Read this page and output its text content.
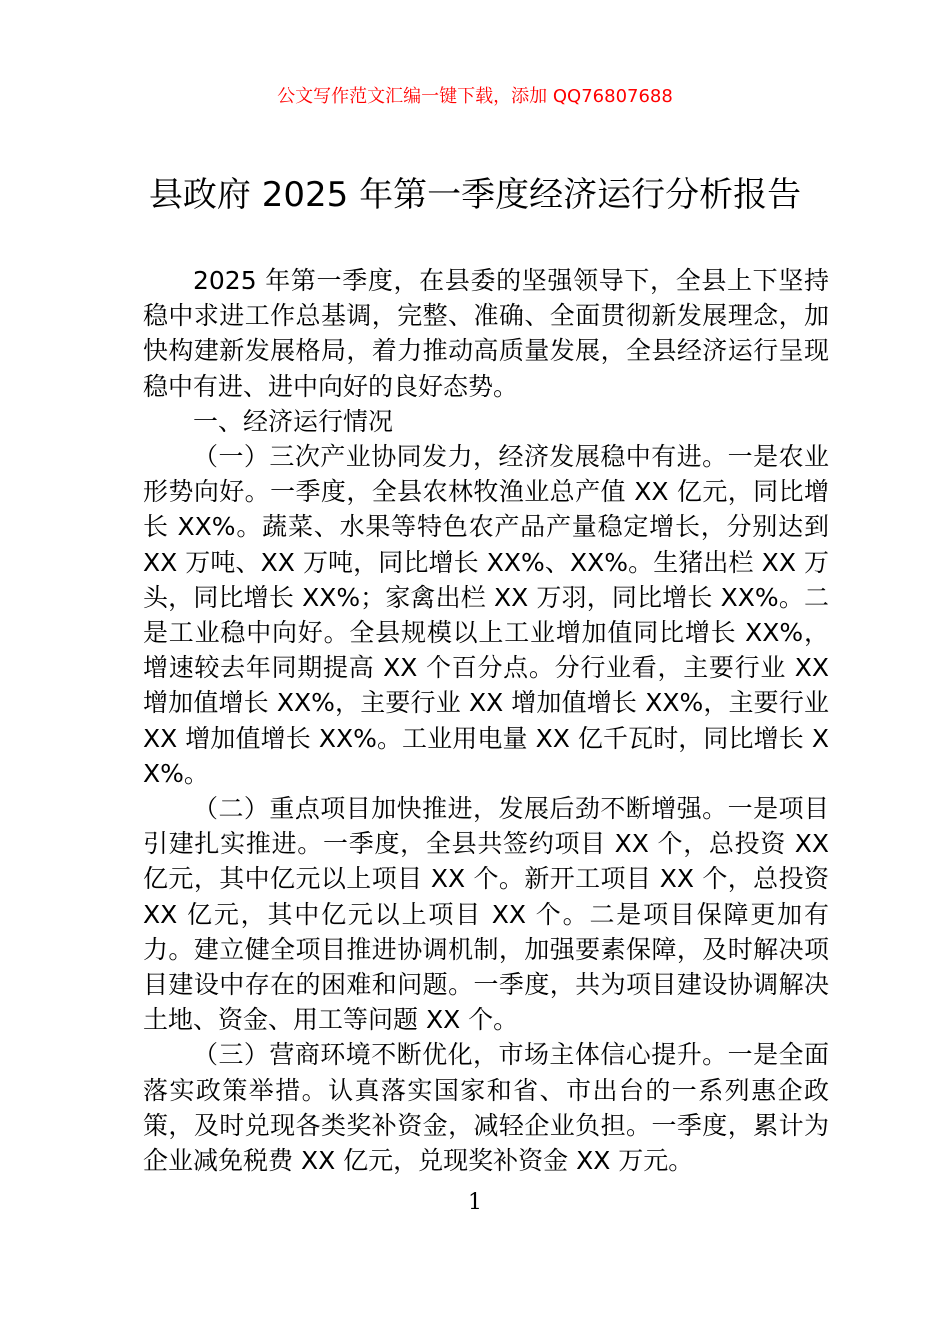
公文写作范文汇编一键下载，添加 QQ76807688
县政府 2025 年第一季度经济运行分析报告

2025 年第一季度，在县委的坚强领导下，全县上下坚持稳中求进工作总基调，完整、准确、全面贯彻新发展理念，加快构建新发展格局，着力推动高质量发展，全县经济运行呈现稳中有进、进中向好的良好态势。

一、经济运行情况

（一）三次产业协同发力，经济发展稳中有进。一是农业形势向好。一季度，全县农林牧渔业总产值 XX 亿元，同比增长 XX%。蔬菜、水果等特色农产品产量稳定增长，分别达到 XX 万吨、XX 万吨，同比增长 XX%、XX%。生猪出栏 XX 万头，同比增长 XX%；家禽出栏 XX 万羽，同比增长 XX%。二是工业稳中向好。全县规模以上工业增加值同比增长 XX%，增速较去年同期提高 XX 个百分点。分行业看，主要行业 XX 增加值增长 XX%，主要行业 XX 增加值增长 XX%，主要行业 XX 增加值增长 XX%。工业用电量 XX 亿千瓦时，同比增长 XX%。

（二）重点项目加快推进，发展后劲不断增强。一是项目引建扎实推进。一季度，全县共签约项目 XX 个，总投资 XX 亿元，其中亿元以上项目 XX 个。新开工项目 XX 个，总投资 XX 亿元，其中亿元以上项目 XX 个。二是项目保障更加有力。建立健全项目推进协调机制，加强要素保障，及时解决项目建设中存在的困难和问题。一季度，共为项目建设协调解决土地、资金、用工等问题 XX 个。

（三）营商环境不断优化，市场主体信心提升。一是全面落实政策举措。认真落实国家和省、市出台的一系列惠企政策，及时兑现各类奖补资金，减轻企业负担。一季度，累计为企业减免税费 XX 亿元，兑现奖补资金 XX 万元。

1
